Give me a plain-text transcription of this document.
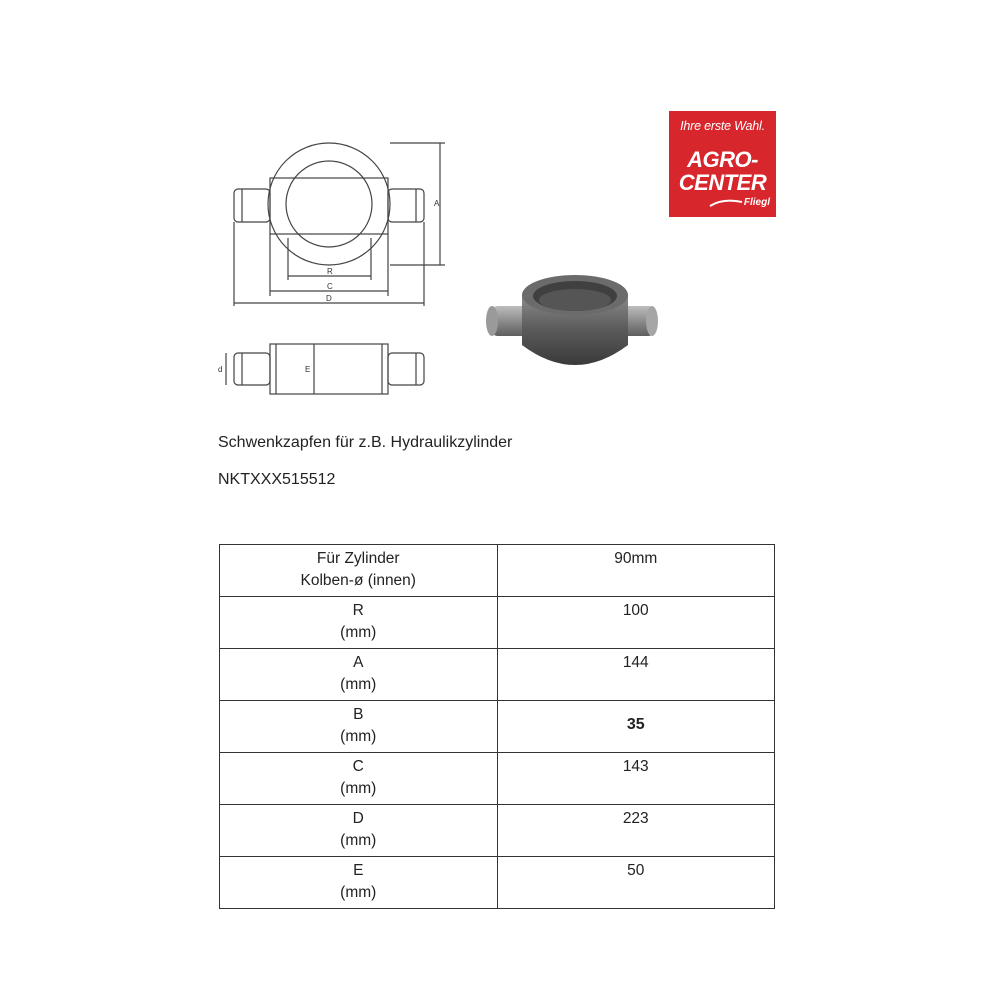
R
C
D
A
E
d
Ihre erste Wahl.
AGRO-
CENTER
Fliegl
Schwenkzapfen für z.B. Hydraulikzylinder
NKTXXX515512
Für Zylinder
Kolben-ø (innen)	90mm

R
(mm)	100

A
(mm)	144

B
(mm)	35

C
(mm)	143

D
(mm)	223

E
(mm)	50
